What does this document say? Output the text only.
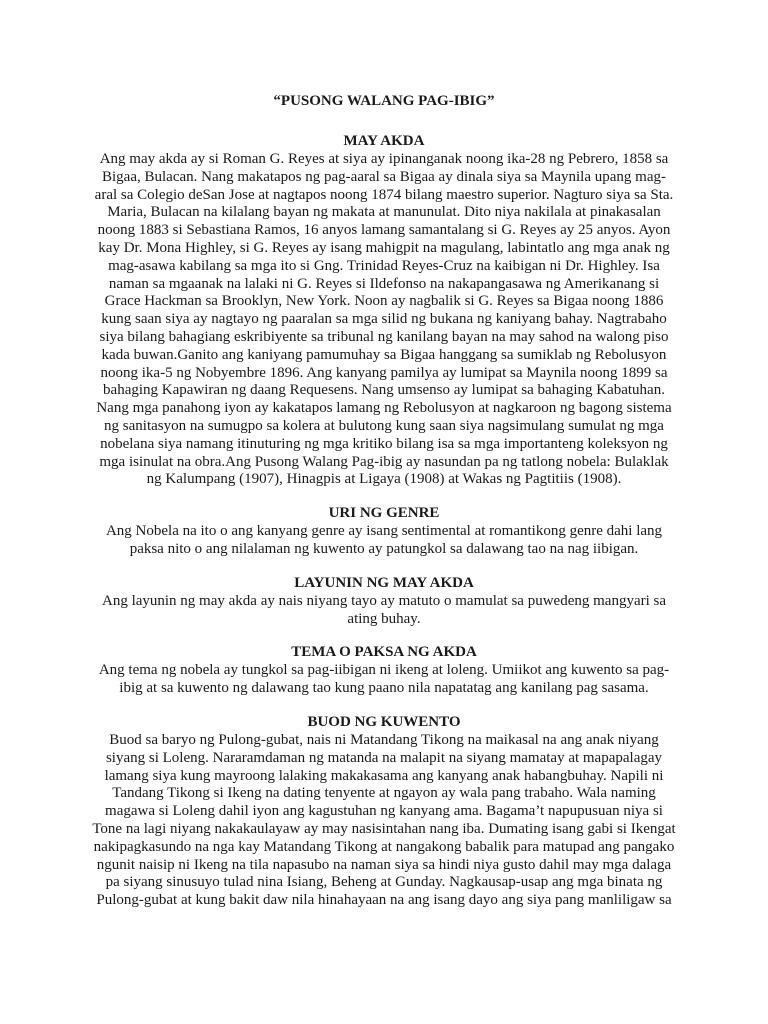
“PUSONG WALANG PAG-IBIG”
MAY AKDA

Ang may akda ay si Roman G. Reyes at siya ay ipinanganak noong ika-28 ng Pebrero, 1858 sa
Bigaa, Bulacan. Nang makatapos ng pag-aaral sa Bigaa ay dinala siya sa Maynila upang mag-
aral sa Colegio deSan Jose at nagtapos noong 1874 bilang maestro superior. Nagturo siya sa Sta.
Maria, Bulacan na kilalang bayan ng makata at manunulat. Dito niya nakilala at pinakasalan
noong 1883 si Sebastiana Ramos, 16 anyos lamang samantalang si G. Reyes ay 25 anyos. Ayon
kay Dr. Mona Highley, si G. Reyes ay isang mahigpit na magulang, labintatlo ang mga anak ng
mag-asawa kabilang sa mga ito si Gng. Trinidad Reyes-Cruz na kaibigan ni Dr. Highley. Isa
naman sa mgaanak na lalaki ni G. Reyes si Ildefonso na nakapangasawa ng Amerikanang si
Grace Hackman sa Brooklyn, New York. Noon ay nagbalik si G. Reyes sa Bigaa noong 1886
kung saan siya ay nagtayo ng paaralan sa mga silid ng bukana ng kaniyang bahay. Nagtrabaho
siya bilang bahagiang eskribiyente sa tribunal ng kanilang bayan na may sahod na walong piso
kada buwan.Ganito ang kaniyang pamumuhay sa Bigaa hanggang sa sumiklab ng Rebolusyon
noong ika-5 ng Nobyembre 1896. Ang kanyang pamilya ay lumipat sa Maynila noong 1899 sa
bahaging Kapawiran ng daang Requesens. Nang umsenso ay lumipat sa bahaging Kabatuhan.
Nang mga panahong iyon ay kakatapos lamang ng Rebolusyon at nagkaroon ng bagong sistema
ng sanitasyon na sumugpo sa kolera at bulutong kung saan siya nagsimulang sumulat ng mga
nobelana siya namang itinuturing ng mga kritiko bilang isa sa mga importanteng koleksyon ng
mga isinulat na obra.Ang Pusong Walang Pag-ibig ay nasundan pa ng tatlong nobela: Bulaklak
ng Kalumpang (1907), Hinagpis at Ligaya (1908) at Wakas ng Pagtitiis (1908).

URI NG GENRE

Ang Nobela na ito o ang kanyang genre ay isang sentimental at romantikong genre dahi lang
paksa nito o ang nilalaman ng kuwento ay patungkol sa dalawang tao na nag iibigan.

LAYUNIN NG MAY AKDA

Ang layunin ng may akda ay nais niyang tayo ay matuto o mamulat sa puwedeng mangyari sa
ating buhay.

TEMA O PAKSA NG AKDA

Ang tema ng nobela ay tungkol sa pag-iibigan ni ikeng at loleng. Umiikot ang kuwento sa pag-
ibig at sa kuwento ng dalawang tao kung paano nila napatatag ang kanilang pag sasama.

BUOD NG KUWENTO

Buod sa baryo ng Pulong-gubat, nais ni Matandang Tikong na maikasal na ang anak niyang
siyang si Loleng. Nararamdaman ng matanda na malapit na siyang mamatay at mapapalagay
lamang siya kung mayroong lalaking makakasama ang kanyang anak habangbuhay. Napili ni
Tandang Tikong si Ikeng na dating tenyente at ngayon ay wala pang trabaho. Wala naming
magawa si Loleng dahil iyon ang kagustuhan ng kanyang ama. Bagama’t napupusuan niya si
Tone na lagi niyang nakakaulayaw ay may nasisintahan nang iba. Dumating isang gabi si Ikengat
nakipagkasundo na nga kay Matandang Tikong at nangakong babalik para matupad ang pangako
ngunit naisip ni Ikeng na tila napasubo na naman siya sa hindi niya gusto dahil may mga dalaga
pa siyang sinusuyo tulad nina Isiang, Beheng at Gunday. Nagkausap-usap ang mga binata ng
Pulong-gubat at kung bakit daw nila hinahayaan na ang isang dayo ang siya pang manliligaw sa
